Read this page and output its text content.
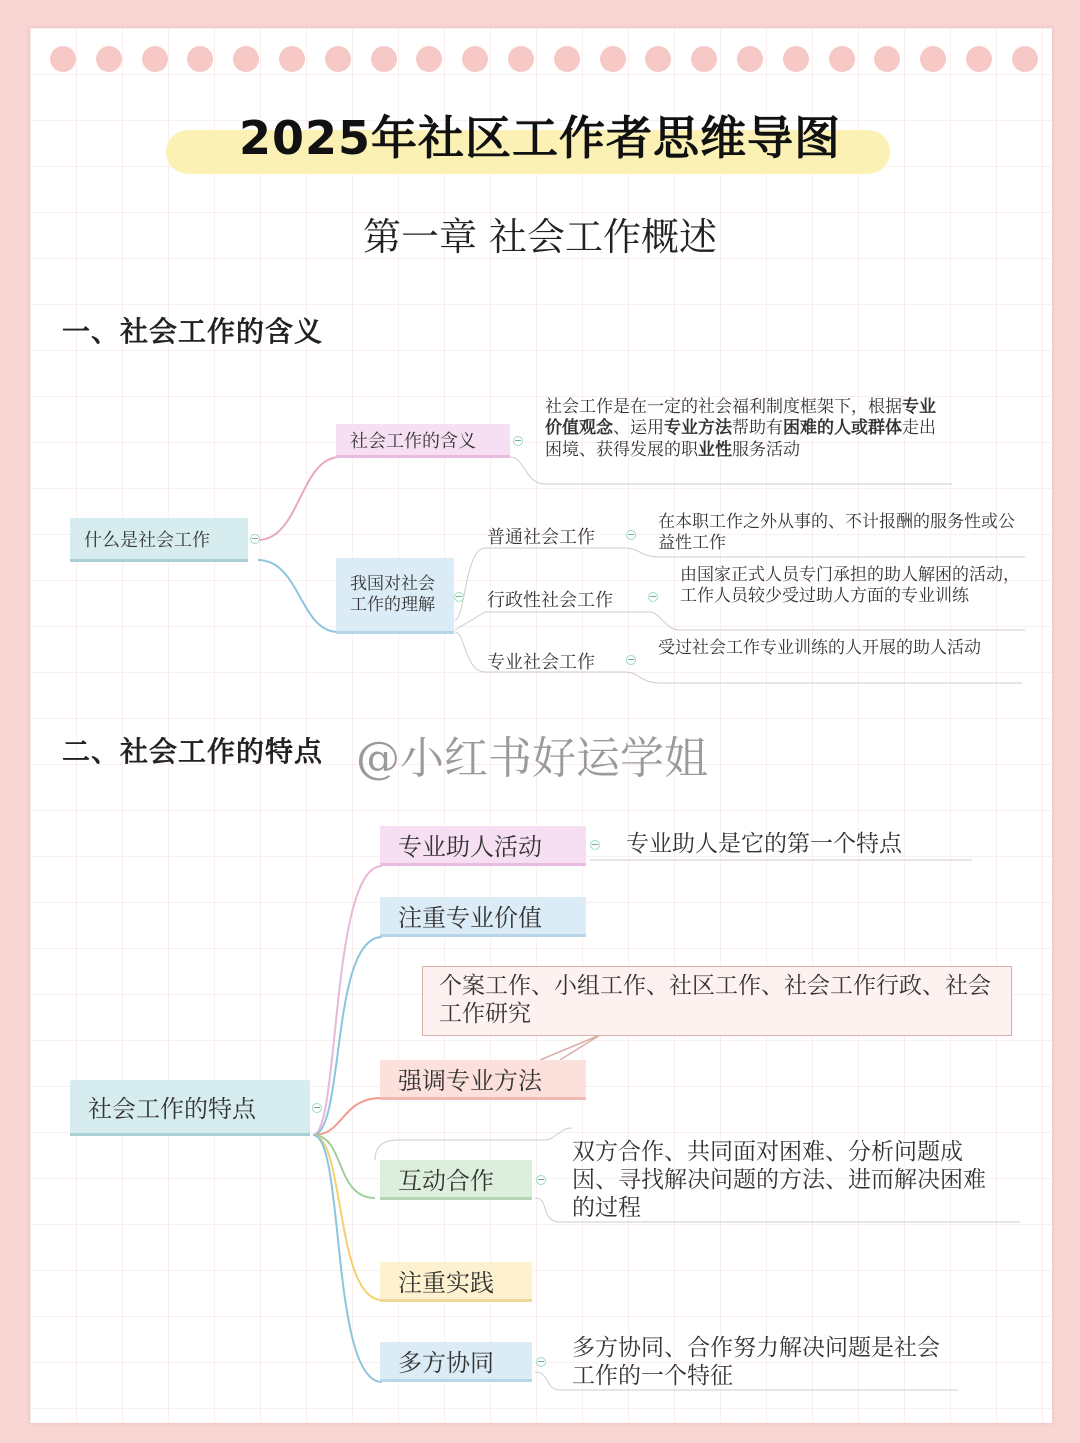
2025年社区工作者思维导图
第一章 社会工作概述
一、社会工作的含义
什么是社会工作
社会工作的含义
社会工作是在一定的社会福利制度框架下，根据专业价值观念、运用专业方法帮助有困难的人或群体走出困境、获得发展的职业性服务活动
我国对社会工作的理解
普通社会工作
在本职工作之外从事的、不计报酬的服务性或公益性工作
行政性社会工作
由国家正式人员专门承担的助人解困的活动，工作人员较少受过助人方面的专业训练
专业社会工作
受过社会工作专业训练的人开展的助人活动
二、社会工作的特点 @小红书好运学姐
社会工作的特点
专业助人活动	专业助人是它的第一个特点
注重专业价值
个案工作、小组工作、社区工作、社会工作行政、社会工作研究
强调专业方法
互动合作
双方合作、共同面对困难、分析问题成因、寻找解决问题的方法、进而解决困难的过程
注重实践
多方协同
多方协同、合作努力解决问题是社会工作的一个特征
